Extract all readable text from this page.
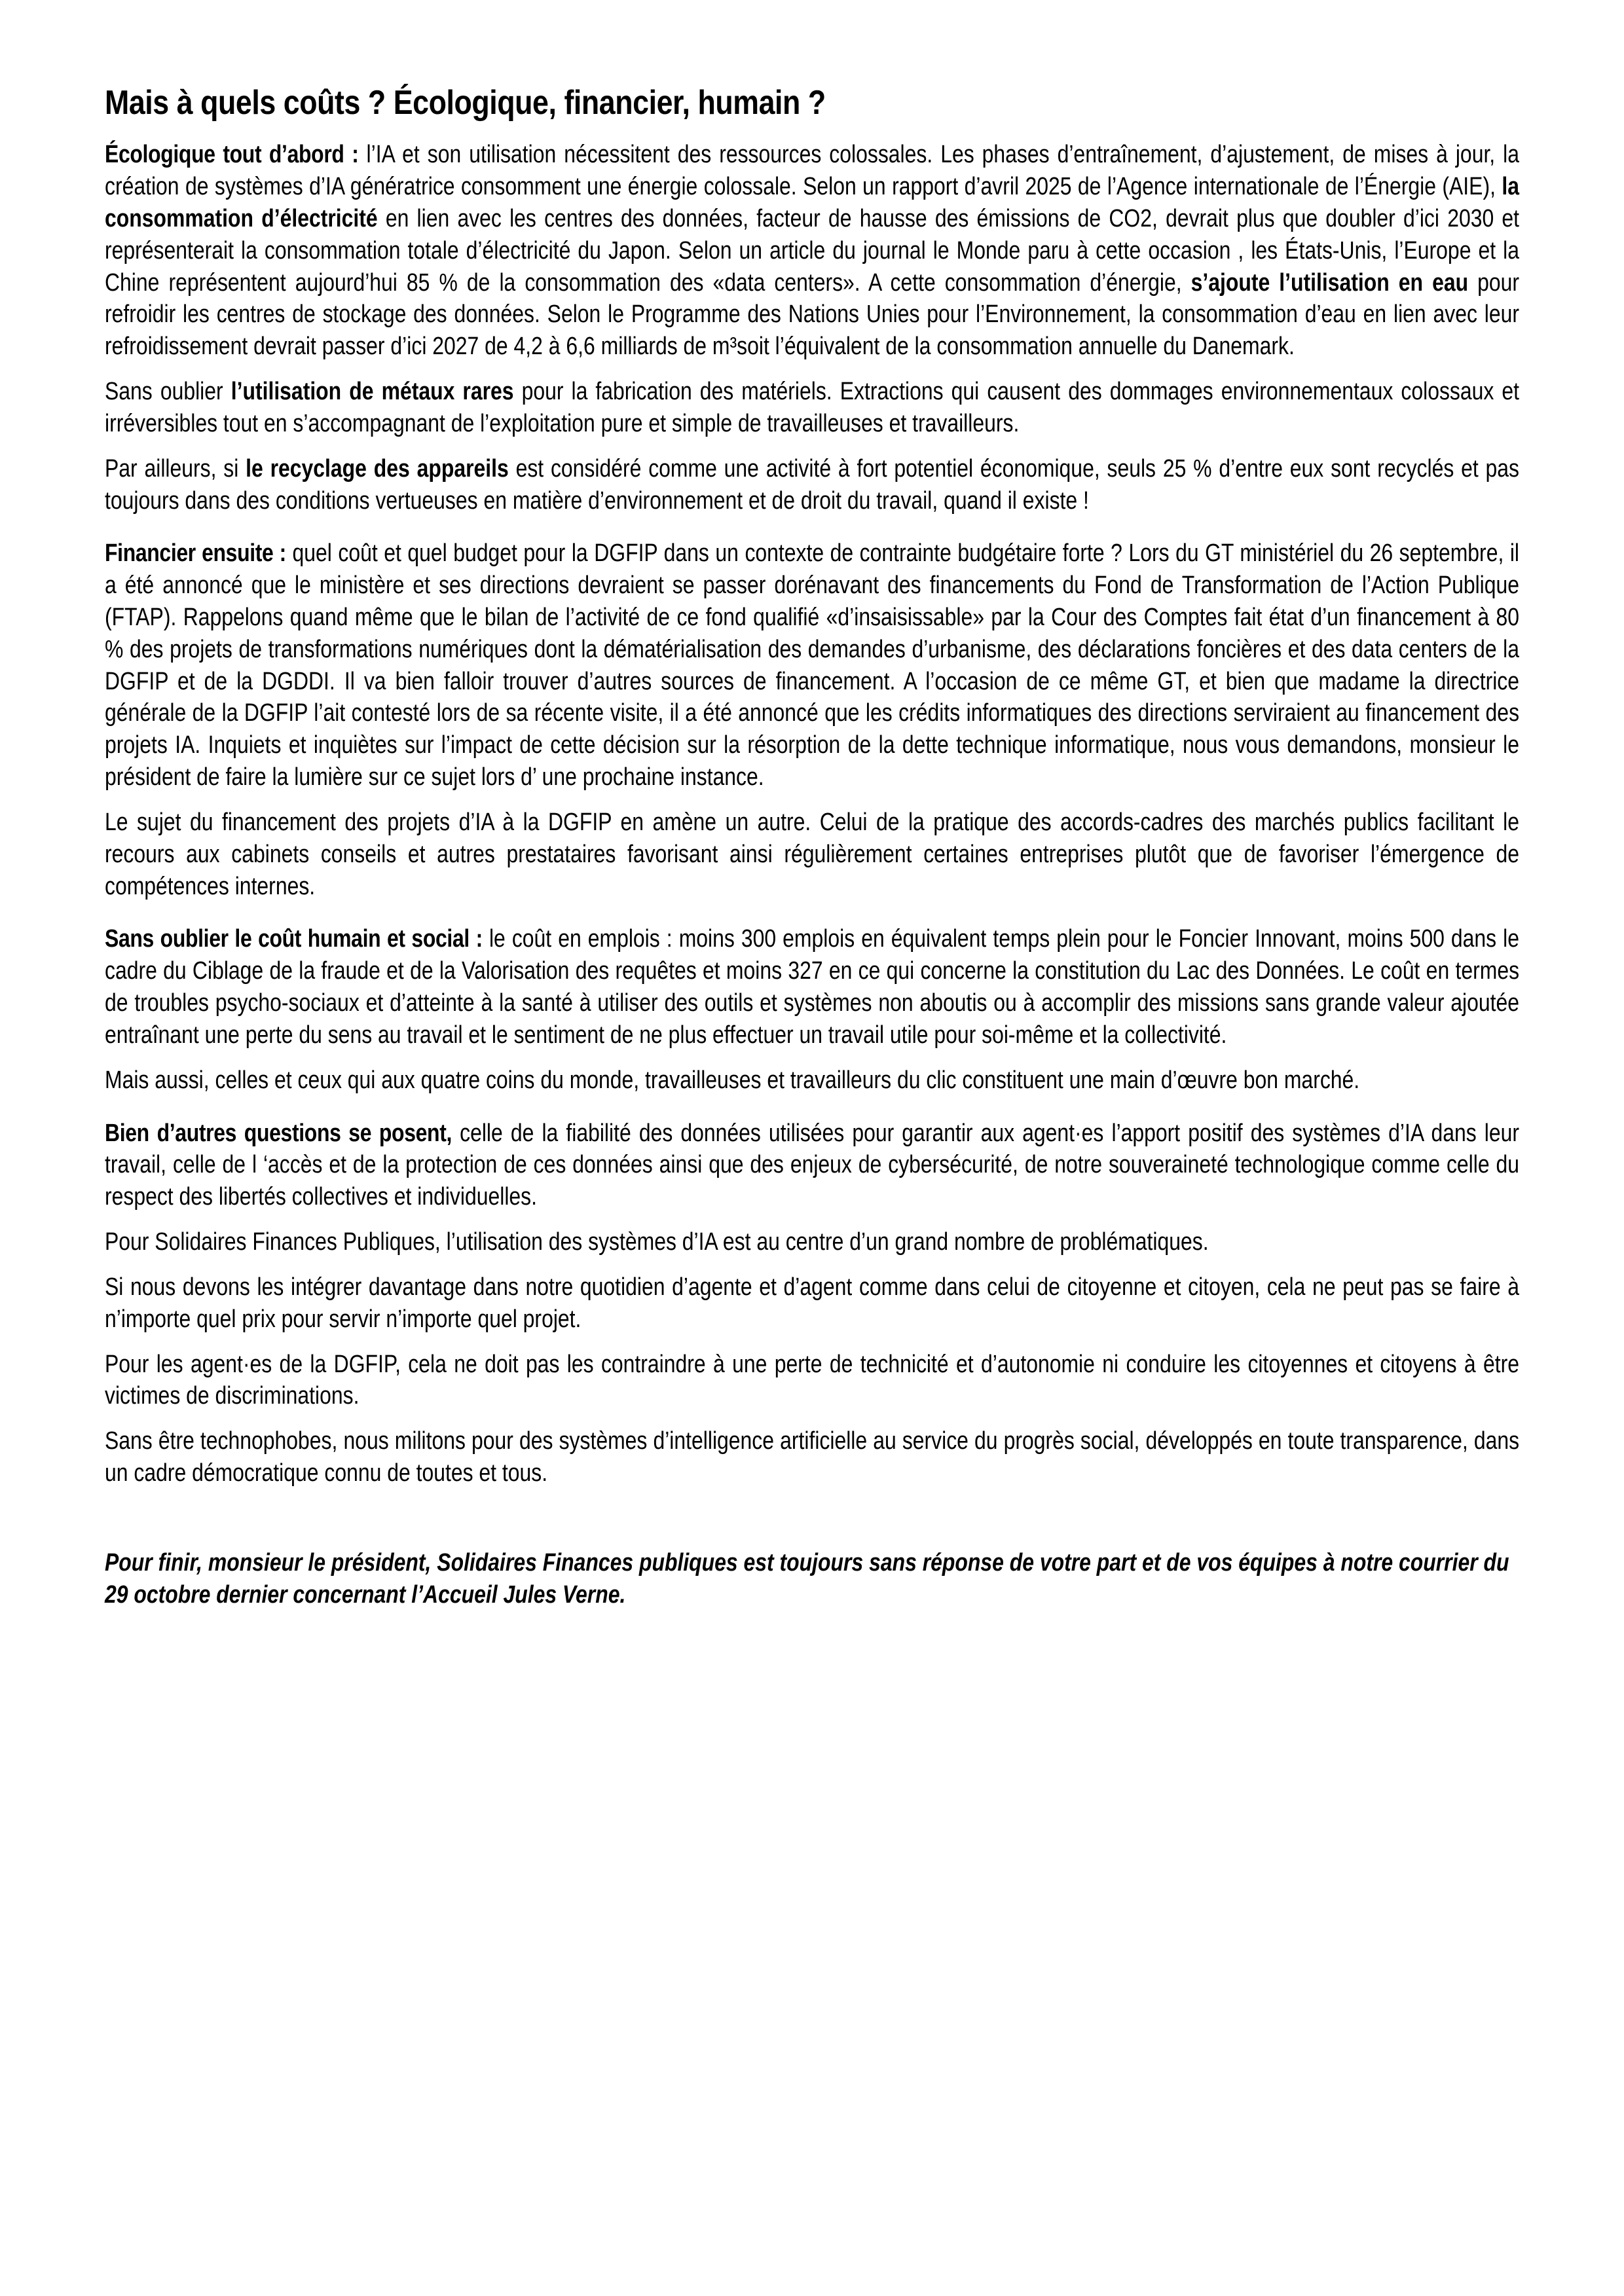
Mais à quels coûts ? Écologique, financier, humain ?

Écologique tout d’abord : l’IA et son utilisation nécessitent des ressources colossales. Les phases d’entraînement, d’ajustement, de mises à jour, la création de systèmes d’IA génératrice consomment une énergie colossale. Selon un rapport d’avril 2025 de l’Agence internationale de l’Énergie (AIE), la consommation d’électricité en lien avec les centres des données, facteur de hausse des émissions de CO2, devrait plus que doubler d’ici 2030 et représenterait la consommation totale d’électricité du Japon. Selon un article du journal le Monde paru à cette occasion , les États-Unis, l’Europe et la Chine représentent aujourd’hui 85 % de la consommation des «data centers». A cette consommation d’énergie, s’ajoute l’utilisation en eau pour refroidir les centres de stockage des données. Selon le Programme des Nations Unies pour l’Environnement, la consommation d’eau en lien avec leur refroidissement devrait passer d’ici 2027 de 4,2 à 6,6 milliards de m³soit l’équivalent de la consommation annuelle du Danemark.

Sans oublier l’utilisation de métaux rares pour la fabrication des matériels. Extractions qui causent des dommages environnementaux colossaux et irréversibles tout en s’accompagnant de l’exploitation pure et simple de travailleuses et travailleurs.

Par ailleurs, si le recyclage des appareils est considéré comme une activité à fort potentiel économique, seuls 25 % d’entre eux sont recyclés et pas toujours dans des conditions vertueuses en matière d’environnement et de droit du travail, quand il existe !

Financier ensuite : quel coût et quel budget pour la DGFIP dans un contexte de contrainte budgétaire forte ? Lors du GT ministériel du 26 septembre, il a été annoncé que le ministère et ses directions devraient se passer dorénavant des financements du Fond de Transformation de l’Action Publique (FTAP). Rappelons quand même que le bilan de l’activité de ce fond qualifié «d’insaisissable» par la Cour des Comptes fait état d’un financement à 80 % des projets de transformations numériques dont la dématérialisation des demandes d’urbanisme, des déclarations foncières et des data centers de la DGFIP et de la DGDDI. Il va bien falloir trouver d’autres sources de financement. A l’occasion de ce même GT, et bien que madame la directrice générale de la DGFIP l’ait contesté lors de sa récente visite, il a été annoncé que les crédits informatiques des directions serviraient au financement des projets IA. Inquiets et inquiètes sur l’impact de cette décision sur la résorption de la dette technique informatique, nous vous demandons, monsieur le président de faire la lumière sur ce sujet lors d’ une prochaine instance.

Le sujet du financement des projets d’IA à la DGFIP en amène un autre. Celui de la pratique des accords-cadres des marchés publics facilitant le recours aux cabinets conseils et autres prestataires favorisant ainsi régulièrement certaines entreprises plutôt que de favoriser l’émergence de compétences internes.

Sans oublier le coût humain et social : le coût en emplois : moins 300 emplois en équivalent temps plein pour le Foncier Innovant, moins 500 dans le cadre du Ciblage de la fraude et de la Valorisation des requêtes et moins 327 en ce qui concerne la constitution du Lac des Données. Le coût en termes de troubles psycho-sociaux et d’atteinte à la santé à utiliser des outils et systèmes non aboutis ou à accomplir des missions sans grande valeur ajoutée entraînant une perte du sens au travail et le sentiment de ne plus effectuer un travail utile pour soi-même et la collectivité.

Mais aussi, celles et ceux qui aux quatre coins du monde, travailleuses et travailleurs du clic constituent une main d’œuvre bon marché.

Bien d’autres questions se posent, celle de la fiabilité des données utilisées pour garantir aux agent·es l’apport positif des systèmes d’IA dans leur travail, celle de l ‘accès et de la protection de ces données ainsi que des enjeux de cybersécurité, de notre souveraineté technologique comme celle du respect des libertés collectives et individuelles.

Pour Solidaires Finances Publiques, l’utilisation des systèmes d’IA est au centre d’un grand nombre de problématiques.

Si nous devons les intégrer davantage dans notre quotidien d’agente et d’agent comme dans celui de citoyenne et citoyen, cela ne peut pas se faire à n’importe quel prix pour servir n’importe quel projet.

Pour les agent·es de la DGFIP, cela ne doit pas les contraindre à une perte de technicité et d’autonomie ni conduire les citoyennes et citoyens à être victimes de discriminations.

Sans être technophobes, nous militons pour des systèmes d’intelligence artificielle au service du progrès social, développés en toute transparence, dans un cadre démocratique connu de toutes et tous.

Pour finir, monsieur le président, Solidaires Finances publiques est toujours sans réponse de votre part et de vos équipes à notre courrier du 29 octobre dernier concernant l’Accueil Jules Verne.
